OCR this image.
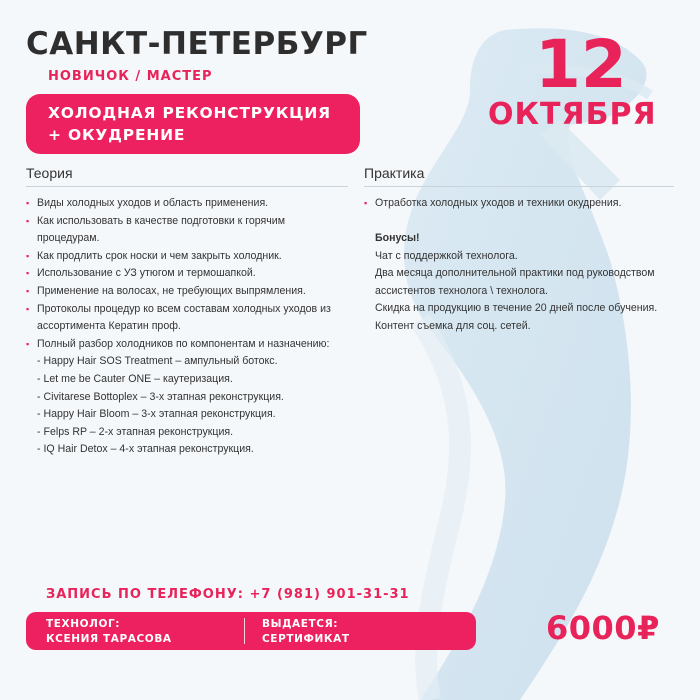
САНКТ-ПЕТЕРБУРГ
НОВИЧОК / МАСТЕР
ХОЛОДНАЯ РЕКОНСТРУКЦИЯ
+ ОКУДРЕНИЕ
12
ОКТЯБРЯ
Теория
▪ Виды холодных уходов и область применения.
▪ Как использовать в качестве подготовки к горячим процедурам.
▪ Как продлить срок носки и чем закрыть холодник.
▪ Использование с УЗ утюгом и термошапкой.
▪ Применение на волосах, не требующих выпрямления.
▪ Протоколы процедур ко всем составам холодных уходов из ассортимента Кератин проф.
▪ Полный разбор холодников по компонентам и назначению:
- Happy Hair SOS Treatment – ампульный ботокс.
- Let me be Cauter ONE – каутеризация.
- Civitarese Bottoplex – 3-х этапная реконструкция.
- Happy Hair Bloom – 3-х этапная реконструкция.
- Felps RP – 2-х этапная реконструкция.
- IQ Hair Detox – 4-х этапная реконструкция.
Практика
▪ Отработка холодных уходов и техники окудрения.
Бонусы!
Чат с поддержкой технолога.
Два месяца дополнительной практики под руководством ассистентов технолога \ технолога.
Скидка на продукцию в течение 20 дней после обучения.
Контент съемка для соц. сетей.
ЗАПИСЬ ПО ТЕЛЕФОНУ: +7 (981) 901-31-31
ТЕХНОЛОГ:
КСЕНИЯ ТАРАСОВА
ВЫДАЕТСЯ:
СЕРТИФИКАТ	6000₽
